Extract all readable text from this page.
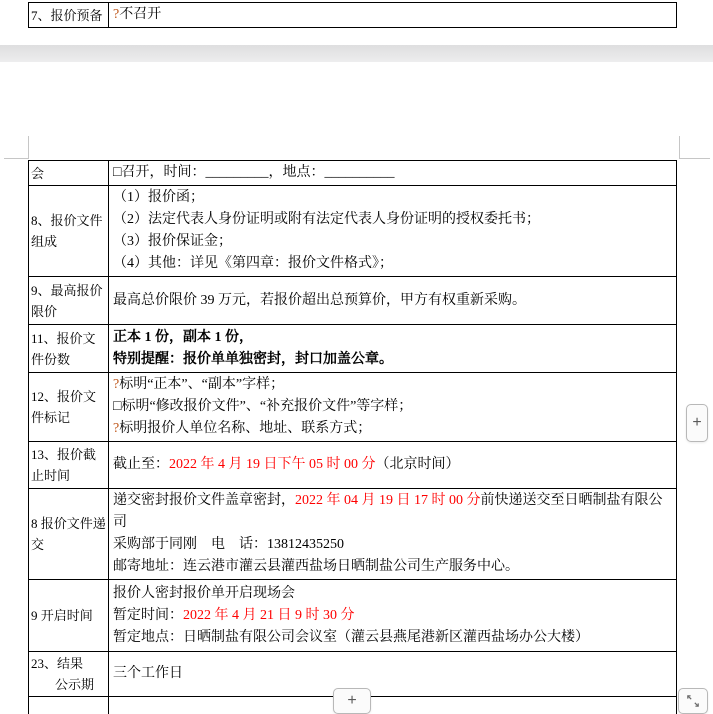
7、报价预备	?不召开
会	□召开，时间：_________，地点：__________
8、报价文件组成	（1）报价函；
（2）法定代表人身份证明或附有法定代表人身份证明的授权委托书；
（3）报价保证金；
（4）其他：详见《第四章：报价文件格式》；

9、最高报价限价	最高总价限价 39 万元，若报价超出总预算价，甲方有权重新采购。
11、报价文件份数	正本 1 份，副本 1 份，
特别提醒：报价单单独密封，封口加盖公章。

12、报价文件标记	?标明“正本”、“副本”字样；
□标明“修改报价文件”、“补充报价文件”等字样；
?标明报价人单位名称、地址、联系方式；

13、报价截止时间	截止至：2022 年 4 月 19 日下午 05 时 00 分（北京时间）
8 报价文件递交	递交密封报价文件盖章密封，2022 年 04 月 19 日 17 时 00 分前快递送交至日晒制盐有限公司
采购部于同刚　电　话：13812435250
邮寄地址：连云港市灌云县灌西盐场日晒制盐公司生产服务中心。

9 开启时间	报价人密封报价单开启现场会
暂定时间：2022 年 4 月 21 日 9 时 30 分
暂定地点：日晒制盐有限公司会议室（灌云县燕尾港新区灌西盐场办公大楼）

23、结果
公示期	三个工作日

+
+
